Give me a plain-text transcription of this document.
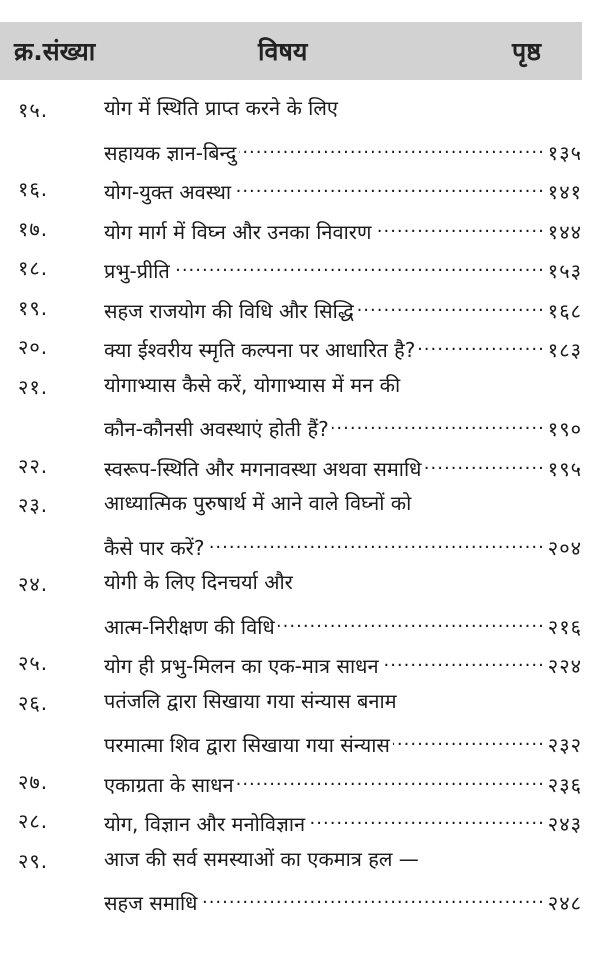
क्र.संख्या	विषय	पृष्ठ
१५.	योग में स्थिति प्राप्त करने के लिए
सहायक ज्ञान-बिन्दु .....	१३५
१६.	योग-युक्त अवस्था .....	१४१
१७.	योग मार्ग में विघ्न और उनका निवारण .....	१४४
१८.	प्रभु-प्रीति .....	१५३
१९.	सहज राजयोग की विधि और सिद्धि .....	१६८
२०.	क्या ईश्वरीय स्मृति कल्पना पर आधारित है? .....	१८३
२१.	योगाभ्यास कैसे करें, योगाभ्यास में मन की
कौन-कौनसी अवस्थाएं होती हैं? .....	१९०
२२.	स्वरूप-स्थिति और मगनावस्था अथवा समाधि .....	१९५
२३.	आध्यात्मिक पुरुषार्थ में आने वाले विघ्नों को
कैसे पार करें? .....	२०४
२४.	योगी के लिए दिनचर्या और
आत्म-निरीक्षण की विधि .....	२१६
२५.	योग ही प्रभु-मिलन का एक-मात्र साधन .....	२२४
२६.	पतंजलि द्वारा सिखाया गया संन्यास बनाम
परमात्मा शिव द्वारा सिखाया गया संन्यास .....	२३२
२७.	एकाग्रता के साधन .....	२३६
२८.	योग, विज्ञान और मनोविज्ञान .....	२४३
२९.	आज की सर्व समस्याओं का एकमात्र हल —
सहज समाधि .....	२४८
